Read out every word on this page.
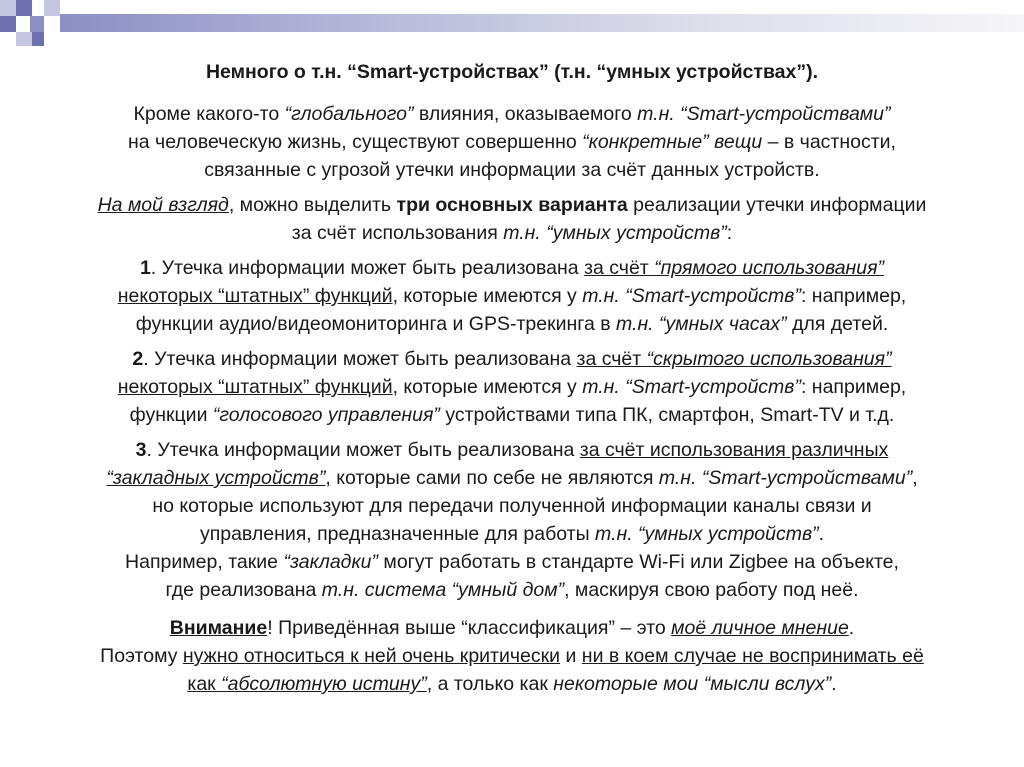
Немного о т.н. “Smart-устройствах” (т.н. “умных устройствах”).

Кроме какого-то “глобального” влияния, оказываемого т.н. “Smart-устройствами”
на человеческую жизнь, существуют совершенно “конкретные” вещи – в частности,
связанные с угрозой утечки информации за счёт данных устройств.

На мой взгляд, можно выделить три основных варианта реализации утечки информации
за счёт использования т.н. “умных устройств”:

1. Утечка информации может быть реализована за счёт “прямого использования”
некоторых “штатных” функций, которые имеются у т.н. “Smart-устройств”: например,
функции аудио/видеомониторинга и GPS-трекинга в т.н. “умных часах” для детей.

2. Утечка информации может быть реализована за счёт “скрытого использования”
некоторых “штатных” функций, которые имеются у т.н. “Smart-устройств”: например,
функции “голосового управления” устройствами типа ПК, смартфон, Smart-TV и т.д.

3. Утечка информации может быть реализована за счёт использования различных
“закладных устройств”, которые сами по себе не являются т.н. “Smart-устройствами”,
но которые используют для передачи полученной информации каналы связи и
управления, предназначенные для работы т.н. “умных устройств”.
Например, такие “закладки” могут работать в стандарте Wi-Fi или Zigbee на объекте,
где реализована т.н. система “умный дом”, маскируя свою работу под неё.

Внимание! Приведённая выше “классификация” – это моё личное мнение.
Поэтому нужно относиться к ней очень критически и ни в коем случае не воспринимать её
как “абсолютную истину”, а только как некоторые мои “мысли вслух”.
